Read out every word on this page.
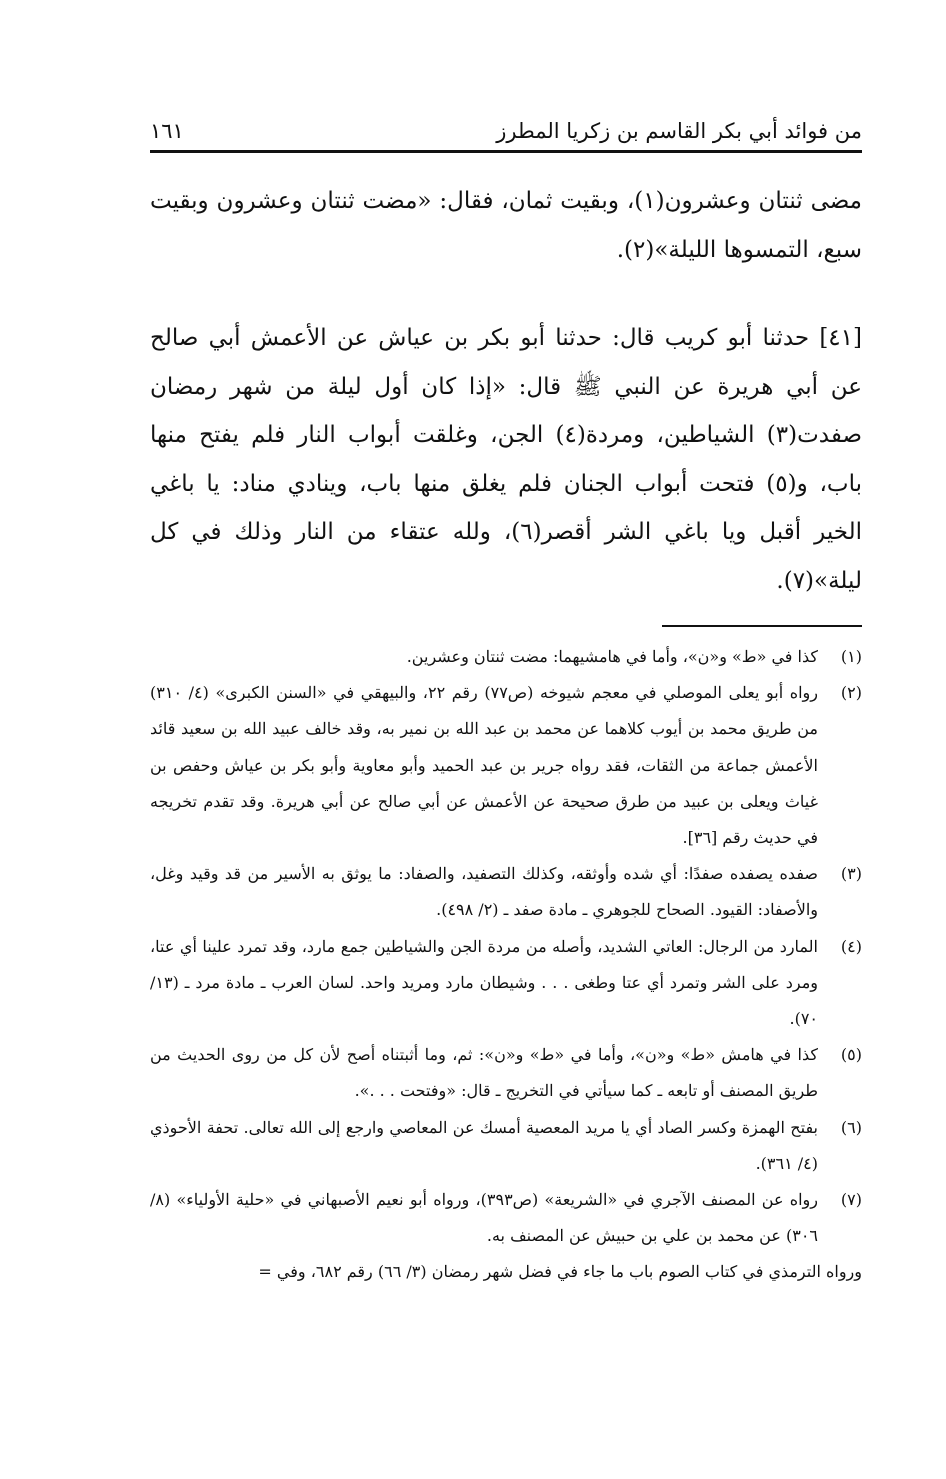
من فوائد أبي بكر القاسم بن زكريا المطرز
١٦١

مضى ثنتان وعشرون(١)، وبقيت ثمان، فقال: «مضت ثنتان وعشرون وبقيت سبع، التمسوها الليلة»(٢).

[٤١] حدثنا أبو كريب قال: حدثنا أبو بكر بن عياش عن الأعمش أبي صالح عن أبي هريرة عن النبي ﷺ قال: «إذا كان أول ليلة من شهر رمضان صفدت(٣) الشياطين، ومردة(٤) الجن، وغلقت أبواب النار فلم يفتح منها باب، و(٥) فتحت أبواب الجنان فلم يغلق منها باب، وينادي مناد: يا باغي الخير أقبل ويا باغي الشر أقصر(٦)، ولله عتقاء من النار وذلك في كل ليلة»(٧).

(١)
كذا في «ط» و«ن»، وأما في هامشيهما: مضت ثنتان وعشرين.
(٢)
رواه أبو يعلى الموصلي في معجم شيوخه (ص٧٧) رقم ٢٢، والبيهقي في «السنن الكبرى» (٤/ ٣١٠) من طريق محمد بن أيوب كلاهما عن محمد بن عبد الله بن نمير به، وقد خالف عبيد الله بن سعيد قائد الأعمش جماعة من الثقات، فقد رواه جرير بن عبد الحميد وأبو معاوية وأبو بكر بن عياش وحفص بن غياث ويعلى بن عبيد من طرق صحيحة عن الأعمش عن أبي صالح عن أبي هريرة. وقد تقدم تخريجه في حديث رقم [٣٦].
(٣)
صفده يصفده صفدًا: أي شده وأوثقه، وكذلك التصفيد، والصفاد: ما يوثق به الأسير من قد وقيد وغل، والأصفاد: القيود. الصحاح للجوهري ـ مادة صفد ـ (٢/ ٤٩٨).
(٤)
المارد من الرجال: العاتي الشديد، وأصله من مردة الجن والشياطين جمع مارد، وقد تمرد علينا أي عتا، ومرد على الشر وتمرد أي عتا وطغى . . . وشيطان مارد ومريد واحد. لسان العرب ـ مادة مرد ـ (١٣/ ٧٠).
(٥)
كذا في هامش «ط» و«ن»، وأما في «ط» و«ن»: ثم، وما أثبتناه أصح لأن كل من روى الحديث من طريق المصنف أو تابعه ـ كما سيأتي في التخريج ـ قال: «وفتحت . . .».
(٦)
بفتح الهمزة وكسر الصاد أي يا مريد المعصية أمسك عن المعاصي وارجع إلى الله تعالى. تحفة الأحوذي (٤/ ٣٦١).
(٧)
رواه عن المصنف الآجري في «الشريعة» (ص٣٩٣)، ورواه أبو نعيم الأصبهاني في «حلية الأولياء» (٨/ ٣٠٦) عن محمد بن علي بن حبيش عن المصنف به.

ورواه الترمذي في كتاب الصوم باب ما جاء في فضل شهر رمضان (٣/ ٦٦) رقم ٦٨٢، وفي =
